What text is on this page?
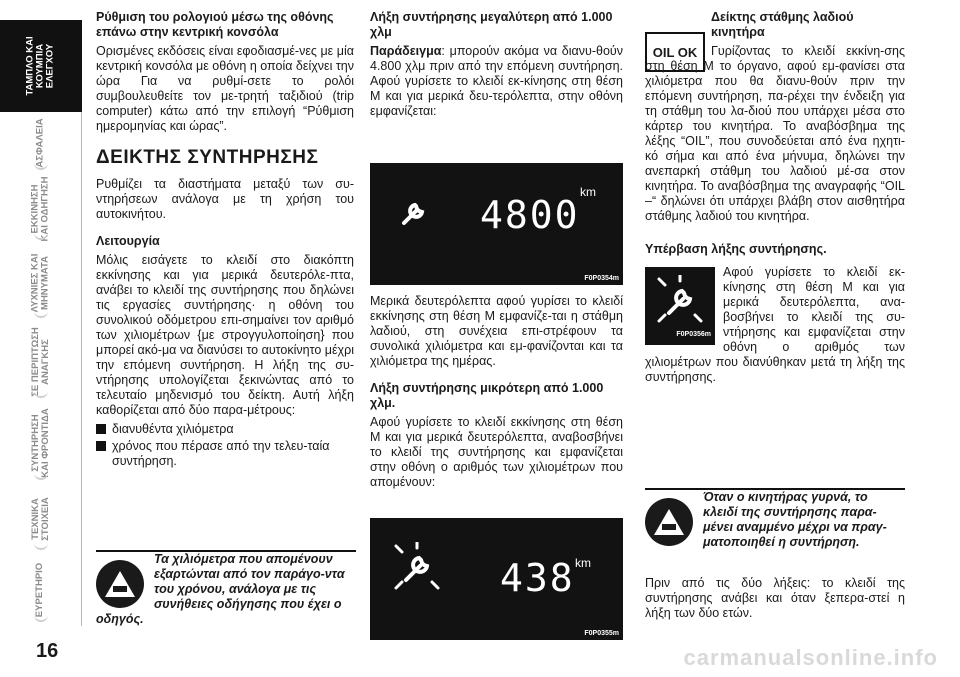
ΤΑΜΠΛΟ ΚΑΙ
ΚΟΥΜΠΙΑ
ΕΛΕΓΧΟΥ
ΑΣΦΑΛΕΙΑ
ΕΚΚΙΝΗΣΗ
ΚΑΙ ΟΔΗΓΗΣΗ
ΛΥΧΝΙΕΣ ΚΑΙ
ΜΗΝΥΜΑΤΑ
ΣΕ ΠΕΡΙΠΤΩΣΗ
ΑΝΑΓΚΗΣ
ΣΥΝΤΗΡΗΣΗ
ΚΑΙ ΦΡΟΝΤΙΔΑ
ΤΕΧΝΙΚΑ
ΣΤΟΙΧΕΙΑ
ΕΥΡΕΤΗΡΙΟ
16
Ρύθμιση του ρολογιού μέσω της οθόνης επάνω στην κεντρική κονσόλα
Ορισμένες εκδόσεις είναι εφοδιασμέ-νες με μία κεντρική κονσόλα με οθόνη η οποία δείχνει την ώρα Για να ρυθμί-σετε το ρολόι συμβουλευθείτε τον με-τρητή ταξιδιού (trip computer) κάτω από την επιλογή “Ρύθμιση ημερομηνίας και ώρας”.
ΔΕΙΚΤΗΣ ΣΥΝΤΗΡΗΣΗΣ
Ρυθμίζει τα διαστήματα μεταξύ των συ-ντηρήσεων ανάλογα με τη χρήση του αυτοκινήτου.
Λειτουργία
Μόλις εισάγετε το κλειδί στο διακόπτη εκκίνησης και για μερικά δευτερόλε-πτα, ανάβει το κλειδί της συντήρησης που δηλώνει τις εργασίες συντήρησης· η οθόνη του συνολικού οδόμετρου επι-σημαίνει τον αριθμό των χιλιομέτρων {με στρογγυλοποίηση} που μπορεί ακό-μα να διανύσει το αυτοκίνητο μέχρι την επόμενη συντήρηση. Η λήξη της συ-ντήρησης υπολογίζεται ξεκινώντας από το τελευταίο μηδενισμό του δείκτη. Αυτή λήξη καθορίζεται από δύο παρα-μέτρους:
διανυθέντα χιλιόμετρα
χρόνος που πέρασε από την τελευ-ταία συντήρηση.
Τα χιλιόμετρα που απομένουν εξαρτώνται από τον παράγο-ντα του χρόνου, ανάλογα με τις συνήθειες οδήγησης που έχει ο οδηγός.
Λήξη συντήρησης μεγαλύτερη από 1.000 χλμ
Παράδειγμα: μπορούν ακόμα να διανυ-θούν 4.800 χλμ πριν από την επόμενη συντήρηση. Αφού γυρίσετε το κλειδί εκ-κίνησης στη θέση M και για μερικά δευ-τερόλεπτα, στην οθόνη εμφανίζεται:
4800
km
F0P0354m
Μερικά δευτερόλεπτα αφού γυρίσει το κλειδί εκκίνησης στη θέση M εμφανίζε-ται η στάθμη λαδιού, στη συνέχεια επι-στρέφουν τα συνολικά χιλιόμετρα και εμ-φανίζονται και τα χιλιόμετρα της ημέρας.
Λήξη συντήρησης μικρότερη από 1.000 χλμ.
Αφού γυρίσετε το κλειδί εκκίνησης στη θέση M και για μερικά δευτερόλεπτα, αναβοσβήνει το κλειδί της συντήρησης και εμφανίζεται στην οθόνη ο αριθμός των χιλιομέτρων που απομένουν:
438 km
F0P0355m
OIL OK
Δείκτης στάθμης λαδιού κινητήρα
Γυρίζοντας το κλειδί εκκίνη-σης στη θέση M το όργανο, αφού εμ-φανίσει στα χιλιόμετρα που θα διανυ-θούν πριν την επόμενη συντήρηση, πα-ρέχει την ένδειξη για τη στάθμη του λα-διού που υπάρχει μέσα στο κάρτερ του κινητήρα. Το αναβόσβημα της λέξης “OIL”, που συνοδεύεται από ένα ηχητι-κό σήμα και από ένα μήνυμα, δηλώνει την ανεπαρκή στάθμη του λαδιού μέ-σα στον κινητήρα. Το αναβόσβημα της αναγραφής “OIL –“ δηλώνει ότι υπάρχει βλάβη στον αισθητήρα στάθμης λαδιού του κινητήρα.
Υπέρβαση λήξης συντήρησης.
F0P0356m
Αφού γυρίσετε το κλειδί εκ-κίνησης στη θέση M και για μερικά δευτερόλεπτα, ανα-βοσβήνει το κλειδί της συ-ντήρησης και εμφανίζεται στην οθόνη ο αριθμός των χιλιομέτρων που διανύθηκαν μετά τη λήξη της συντήρησης.
Όταν ο κινητήρας γυρνά, το κλειδί της συντήρησης παρα-μένει αναμμένο μέχρι να πραγ-ματοποιηθεί η συντήρηση.
Πριν από τις δύο λήξεις: το κλειδί της συντήρησης ανάβει και όταν ξεπερα-στεί η λήξη των δύο ετών.
carmanualsonline.info
